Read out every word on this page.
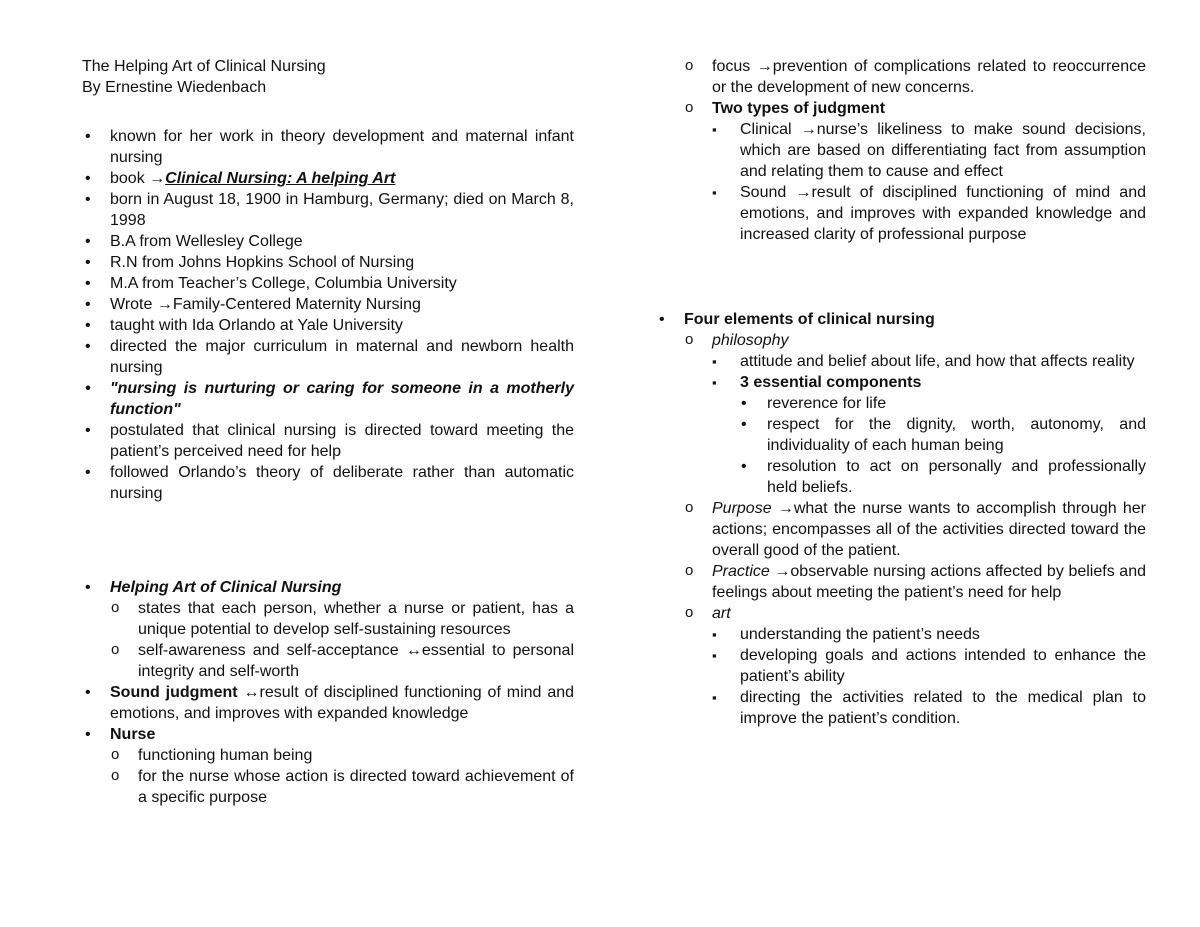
The Helping Art of Clinical Nursing
By Ernestine Wiedenbach
• known for her work in theory development and maternal infant nursing
• book →Clinical Nursing: A helping Art
• born in August 18, 1900 in Hamburg, Germany; died on March 8, 1998
• B.A from Wellesley College
• R.N from Johns Hopkins School of Nursing
• M.A from Teacher’s College, Columbia University
• Wrote →Family-Centered Maternity Nursing
• taught with Ida Orlando at Yale University
• directed the major curriculum in maternal and newborn health nursing
• "nursing is nurturing or caring for someone in a motherly function"
• postulated that clinical nursing is directed toward meeting the patient’s perceived need for help
• followed Orlando’s theory of deliberate rather than automatic nursing
• Helping Art of Clinical Nursing
o states that each person, whether a nurse or patient, has a unique potential to develop self-sustaining resources
o self-awareness and self-acceptance ↔essential to personal integrity and self-worth
• Sound judgment ↔result of disciplined functioning of mind and emotions, and improves with expanded knowledge
• Nurse
o functioning human being
o for the nurse whose action is directed toward achievement of a specific purpose
o focus →prevention of complications related to reoccurrence or the development of new concerns.
o Two types of judgment
▪ Clinical →nurse’s likeliness to make sound decisions, which are based on differentiating fact from assumption and relating them to cause and effect
▪ Sound →result of disciplined functioning of mind and emotions, and improves with expanded knowledge and increased clarity of professional purpose
• Four elements of clinical nursing
o philosophy
▪ attitude and belief about life, and how that affects reality
▪ 3 essential components
• reverence for life
• respect for the dignity, worth, autonomy, and individuality of each human being
• resolution to act on personally and professionally held beliefs.
o Purpose →what the nurse wants to accomplish through her actions; encompasses all of the activities directed toward the overall good of the patient.
o Practice →observable nursing actions affected by beliefs and feelings about meeting the patient’s need for help
o art
▪ understanding the patient’s needs
▪ developing goals and actions intended to enhance the patient’s ability
▪ directing the activities related to the medical plan to improve the patient’s condition.
